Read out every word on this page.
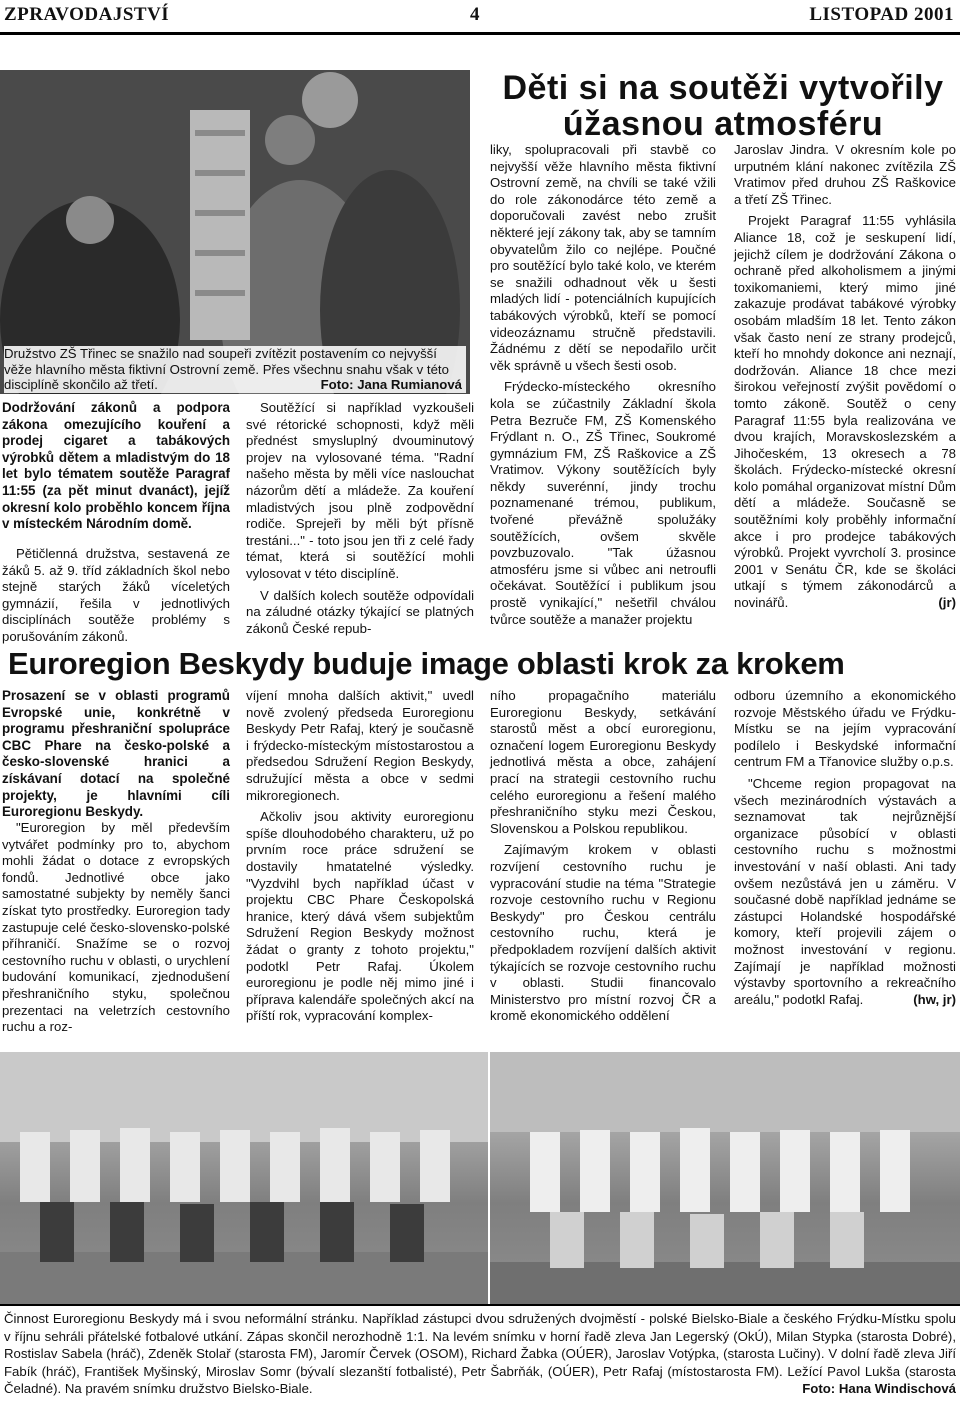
ZPRAVODAJSTVÍ	4	LISTOPAD 2001
Družstvo ZŠ Třinec se snažilo nad soupeři zvítězit postavením co nejvyšší věže hlavního města fiktivní Ostrovní země. Přes všechnu snahu však v této disciplíně skončilo až třetí.	Foto: Jana Rumianová
Děti si na soutěži vytvořily
úžasnou atmosféru
Dodržování zákonů a podpora zákona omezujícího kouření a prodej cigaret a tabákových výrobků dětem a mladistvým do 18 let bylo tématem soutěže Paragraf 11:55 (za pět minut dvanáct), jejíž okresní kolo proběhlo koncem října v místeckém Národním domě.

Pětičlenná družstva, sestavená ze žáků 5. až 9. tříd základních škol nebo stejně starých žáků víceletých gymnázií, řešila v jednotlivých disciplínách soutěže problémy s porušováním zákonů.

Soutěžící si například vyzkoušeli své rétorické schopnosti, když měli přednést smysluplný dvouminutový projev na vylosované téma. "Radní našeho města by měli více naslouchat názorům dětí a mládeže. Za kouření mladistvých jsou plně zodpovědní rodiče. Sprejeři by měli být přísně trestáni..." - toto jsou jen tři z celé řady témat, která si soutěžící mohli vylosovat v této disciplíně.

V dalších kolech soutěže odpovídali na záludné otázky týkající se platných zákonů České repub-

liky, spolupracovali při stavbě co nejvyšší věže hlavního města fiktivní Ostrovní země, na chvíli se také vžili do role zákonodárce této země a doporučovali zavést nebo zrušit některé její zákony tak, aby se tamním obyvatelům žilo co nejlépe. Poučné pro soutěžící bylo také kolo, ve kterém se snažili odhadnout věk u šesti mladých lidí - potenciálních kupujících tabákových výrobků, kteří se pomocí videozáznamu stručně představili. Žádnému z dětí se nepodařilo určit věk správně u všech šesti osob.

Frýdecko-místeckého okresního kola se zúčastnily Základní škola Petra Bezruče FM, ZŠ Komenského Frýdlant n. O., ZŠ Třinec, Soukromé gymnázium FM, ZŠ Raškovice a ZŠ Vratimov. Výkony soutěžících byly někdy suverénní, jindy trochu poznamenané trémou, publikum, tvořené převážně spolužáky soutěžících, ovšem skvěle povzbuzovalo. "Tak úžasnou atmosféru jsme si vůbec ani netroufli očekávat. Soutěžící i publikum jsou prostě vynikající," nešetřil chválou tvůrce soutěže a manažer projektu

Jaroslav Jindra. V okresním kole po urputném klání nakonec zvítězila ZŠ Vratimov před druhou ZŠ Raškovice a třetí ZŠ Třinec.

Projekt Paragraf 11:55 vyhlásila Aliance 18, což je seskupení lidí, jejichž cílem je dodržování Zákona o ochraně před alkoholismem a jinými toxikomaniemi, který mimo jiné zakazuje prodávat tabákové výrobky osobám mladším 18 let. Tento zákon však často není ze strany prodejců, kteří ho mnohdy dokonce ani neznají, dodržován. Aliance 18 chce mezi širokou veřejností zvýšit povědomí o tomto zákoně. Soutěž o ceny Paragraf 11:55 byla realizována ve dvou krajích, Moravskoslezském a Jihočeském, 13 okresech a 78 školách. Frýdecko-místecké okresní kolo pomáhal organizovat místní Dům dětí a mládeže. Současně se soutěžními koly proběhly informační akce i pro prodejce tabákových výrobků. Projekt vyvrcholí 3. prosince 2001 v Senátu ČR, kde se školáci utkají s týmem zákonodárců a novinářů.	(jr)

Euroregion Beskydy buduje image oblasti krok za krokem
Prosazení se v oblasti programů Evropské unie, konkrétně v programu přeshraniční spolupráce CBC Phare na česko-polské a česko-slovenské hranici a získávaní dotací na společné projekty, je hlavními cíli Euroregionu Beskydy.

"Euroregion by měl především vytvářet podmínky pro to, abychom mohli žádat o dotace z evropských fondů. Jednotlivé obce jako samostatné subjekty by neměly šanci získat tyto prostředky. Euroregion tady zastupuje celé česko-slovensko-polské příhraničí. Snažíme se o rozvoj cestovního ruchu v oblasti, o urychlení budování komunikací, zjednodušení přeshraničního styku, společnou prezentaci na veletrzích cestovního ruchu a roz-

víjení mnoha dalších aktivit," uvedl nově zvolený předseda Euroregionu Beskydy Petr Rafaj, který je současně i frýdecko-místeckým místostarostou a předsedou Sdružení Region Beskydy, sdružující města a obce v sedmi mikroregionech.

Ačkoliv jsou aktivity euroregionu spíše dlouhodobého charakteru, už po prvním roce práce sdružení se dostavily hmatatelné výsledky. "Vyzdvihl bych například účast v projektu CBC Phare Českopolská hranice, který dává všem subjektům Sdružení Region Beskydy možnost žádat o granty z tohoto projektu," podotkl Petr Rafaj. Úkolem euroregionu je podle něj mimo jiné i příprava kalendáře společných akcí na příští rok, vypracování komplex-

ního propagačního materiálu Euroregionu Beskydy, setkávání starostů měst a obcí euroregionu, označení logem Euroregionu Beskydy jednotlivá města a obce, zahájení prací na strategii cestovního ruchu celého euroregionu a řešení malého přeshraničního styku mezi Českou, Slovenskou a Polskou republikou.

Zajímavým krokem v oblasti rozvíjení cestovního ruchu je vypracování studie na téma "Strategie rozvoje cestovního ruchu v Regionu Beskydy" pro Českou centrálu cestovního ruchu, která je předpokladem rozvíjení dalších aktivit týkajících se rozvoje cestovního ruchu v oblasti. Studii financovalo Ministerstvo pro místní rozvoj ČR a kromě ekonomického oddělení

odboru územního a ekonomického rozvoje Městského úřadu ve Frýdku-Místku se na jejím vypracování podílelo i Beskydské informační centrum FM a Třanovice služby o.p.s.

"Chceme region propagovat na všech mezinárodních výstavách a seznamovat tak nejrůznější organizace působící v oblasti cestovního ruchu s možnostmi investování v naší oblasti. Ani tady ovšem nezůstává jen u záměru. V současné době například jednáme se zástupci Holandské hospodářské komory, kteří projevili zájem o možnost investování v regionu. Zajímají je například možnosti výstavby sportovního a rekreačního areálu," podotkl Rafaj.	(hw, jr)

Činnost Euroregionu Beskydy má i svou neformální stránku. Například zástupci dvou sdružených dvojměstí - polské Bielsko-Biale a českého Frýdku-Místku spolu v říjnu sehráli přátelské fotbalové utkání. Zápas skončil nerozhodně 1:1. Na levém snímku v horní řadě zleva Jan Legerský (OkÚ), Milan Stypka (starosta Dobré), Rostislav Sabela (hráč), Zdeněk Stolař (starosta FM), Jaromír Červek (OSOM), Richard Žabka (OÚER), Jaroslav Votýpka, (starosta Lučiny). V dolní řadě zleva Jiří Fabík (hráč), František Myšinský, Miroslav Somr (bývalí slezanští fotbalisté), Petr Šabrňák, (OÚER), Petr Rafaj (místostarosta FM). Ležící Pavol Lukša (starosta Čeladné). Na pravém snímku družstvo Bielsko-Biale.	Foto: Hana Windischová
